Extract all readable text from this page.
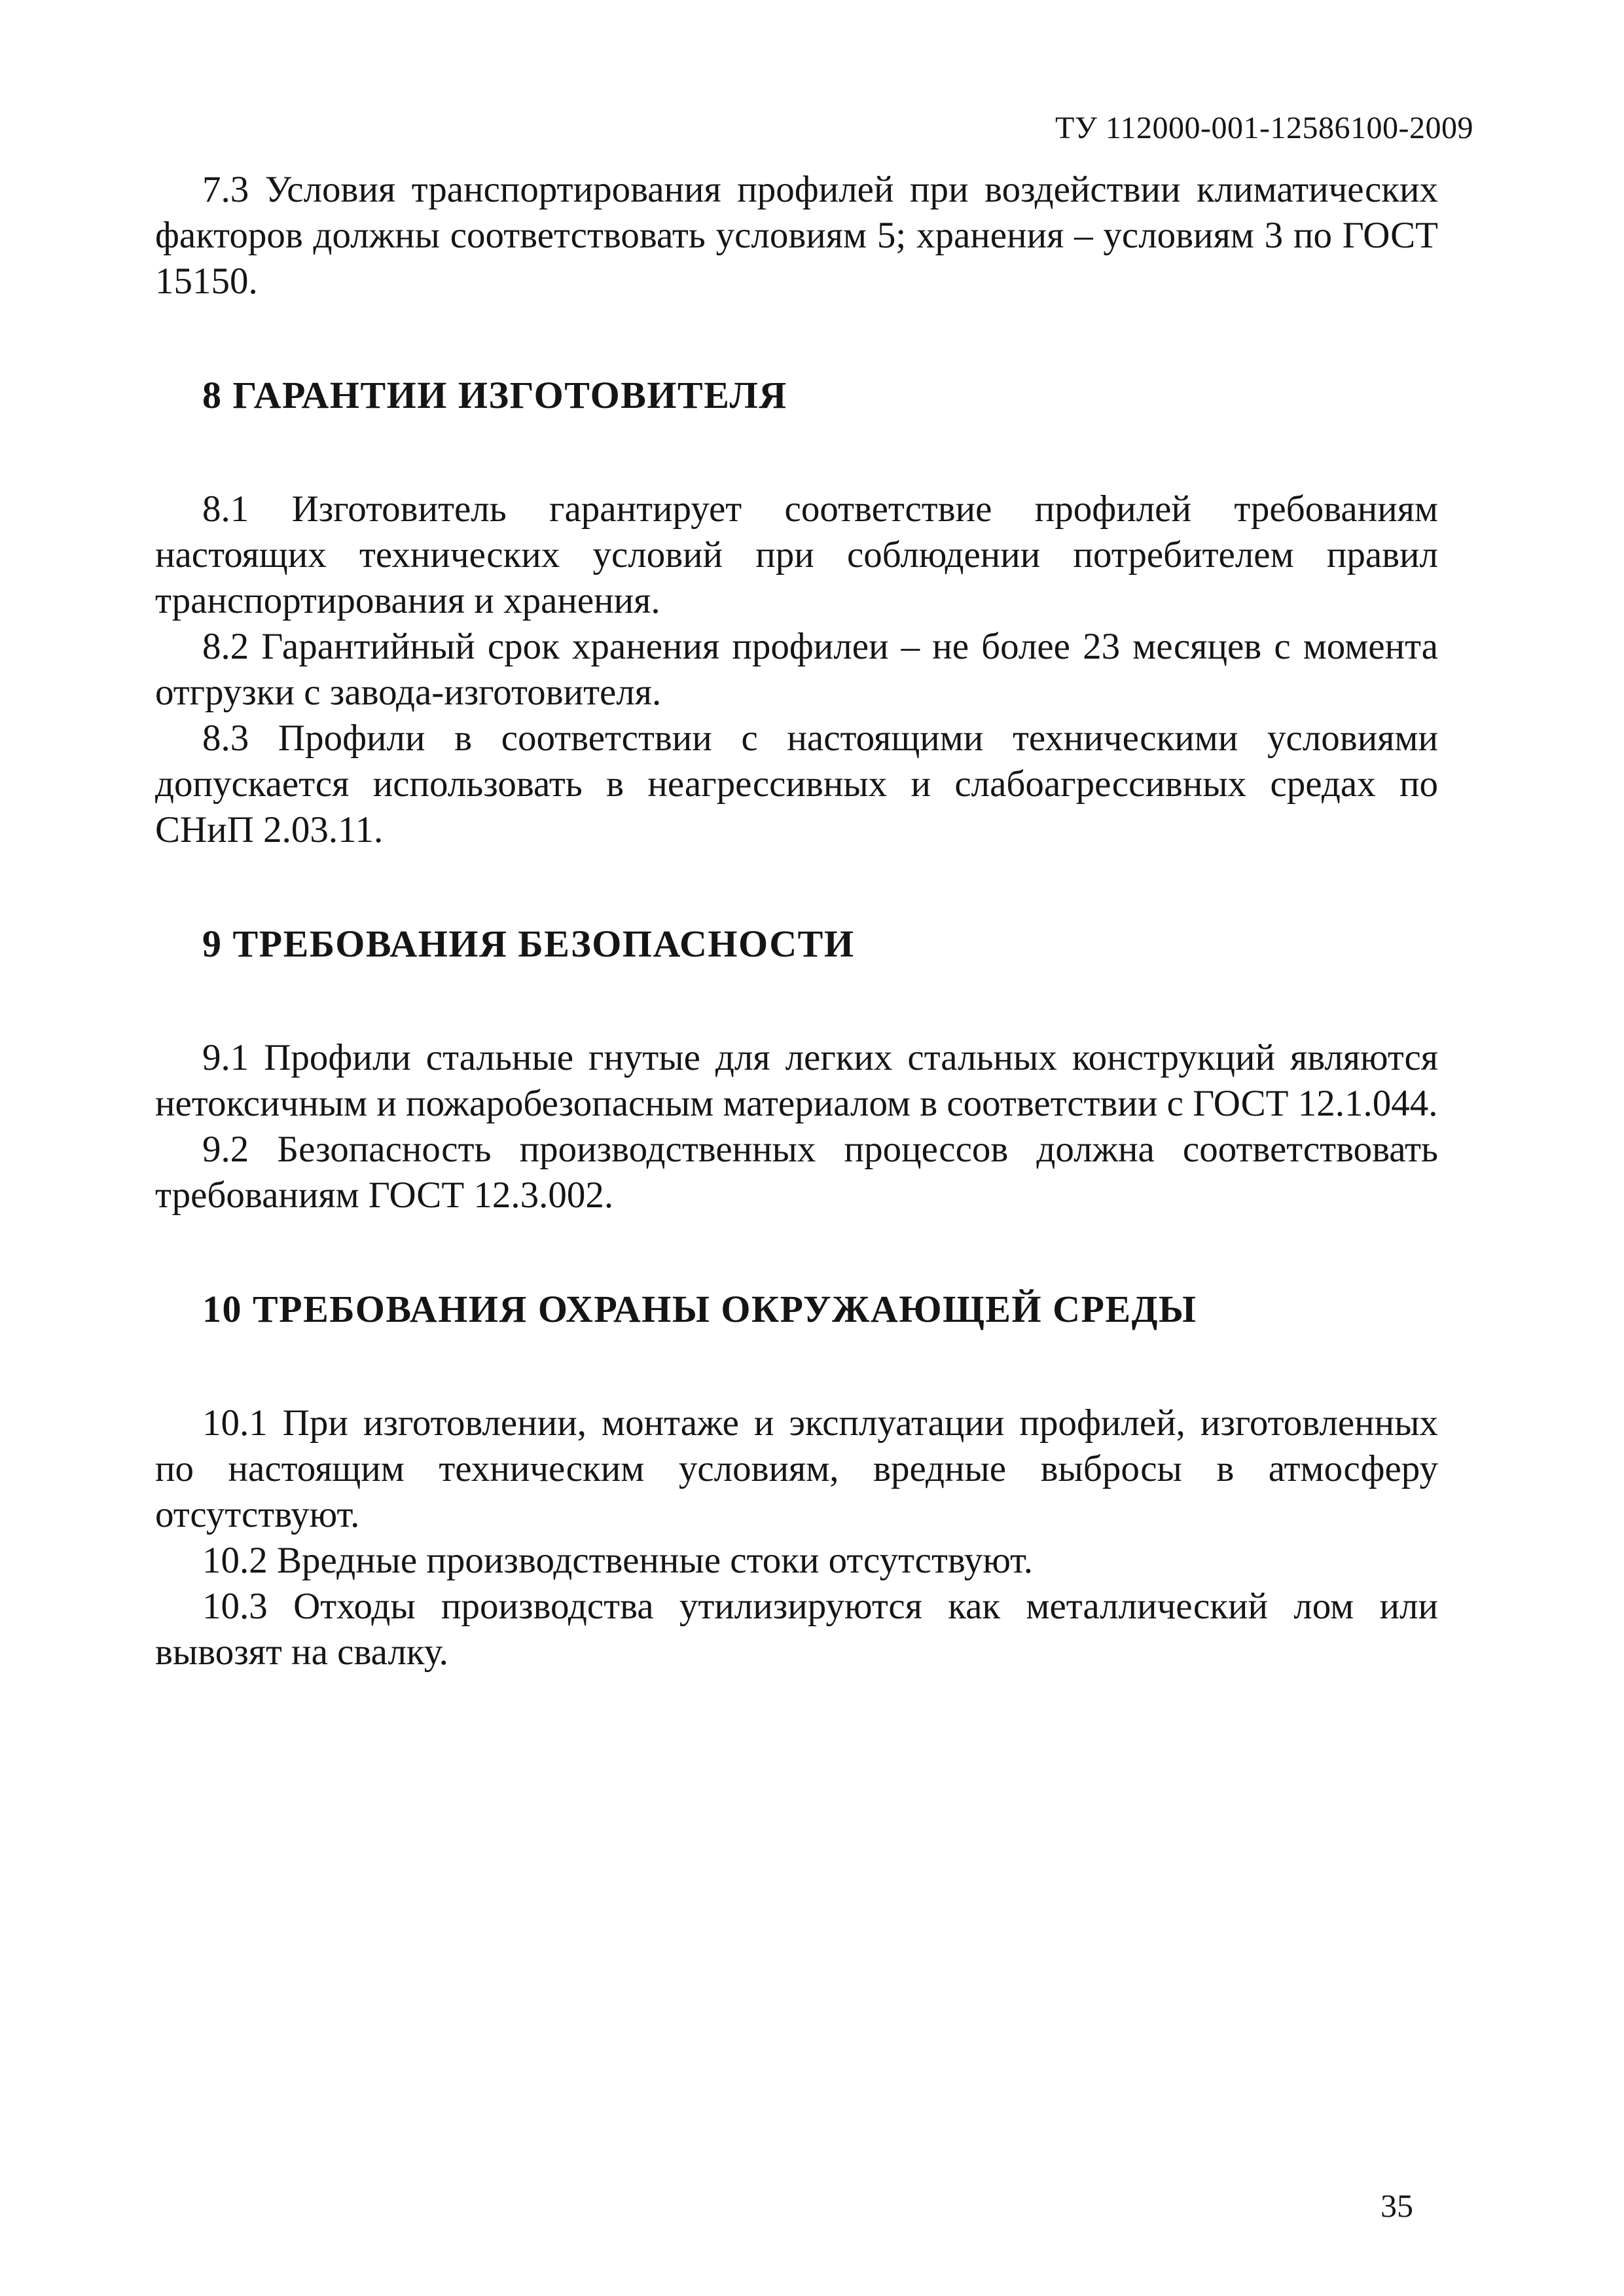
ТУ 112000-001-12586100-2009

7.3 Условия транспортирования профилей при воздействии климатических факторов должны соответствовать условиям 5; хранения – условиям 3 по ГОСТ 15150.

8 ГАРАНТИИ ИЗГОТОВИТЕЛЯ

8.1 Изготовитель гарантирует соответствие профилей требованиям настоящих технических условий при соблюдении потребителем правил транспортирования и хранения.

8.2 Гарантийный срок хранения профилеи – не более 23 месяцев с момента отгрузки с завода-изготовителя.

8.3 Профили в соответствии с настоящими техническими условиями допускается использовать в неагрессивных и слабоагрессивных средах по СНиП 2.03.11.

9 ТРЕБОВАНИЯ БЕЗОПАСНОСТИ

9.1 Профили стальные гнутые для легких стальных конструкций являются нетоксичным и пожаробезопасным материалом в соответствии с ГОСТ 12.1.044.

9.2 Безопасность производственных процессов должна соответствовать требованиям ГОСТ 12.3.002.

10 ТРЕБОВАНИЯ ОХРАНЫ ОКРУЖАЮЩЕЙ СРЕДЫ

10.1 При изготовлении, монтаже и эксплуатации профилей, изготовленных по настоящим техническим условиям, вредные выбросы в атмосферу отсутствуют.

10.2 Вредные производственные стоки отсутствуют.

10.3 Отходы производства утилизируются как металлический лом или вывозят на свалку.

35
